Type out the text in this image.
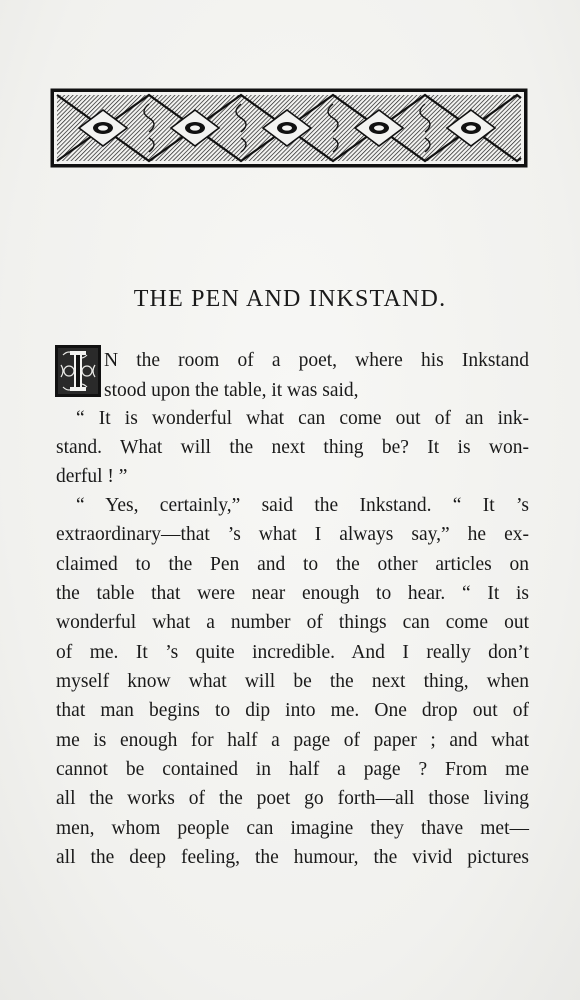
THE PEN AND INKSTAND.
N the room of a poet, where his Inkstand
stood upon the table, it was said,
“ It is wonderful what can come out of an ink-
stand. What will the next thing be? It is won-
derful ! ”
“ Yes, certainly,” said the Inkstand. “ It ’s
extraordinary—that ’s what I always say,” he ex-
claimed to the Pen and to the other articles on
the table that were near enough to hear. “ It is
wonderful what a number of things can come out
of me. It ’s quite incredible. And I really don’t
myself know what will be the next thing, when
that man begins to dip into me. One drop out of
me is enough for half a page of paper ; and what
cannot be contained in half a page ? From me
all the works of the poet go forth—all those living
men, whom people can imagine they thave met—
all the deep feeling, the humour, the vivid pictures
